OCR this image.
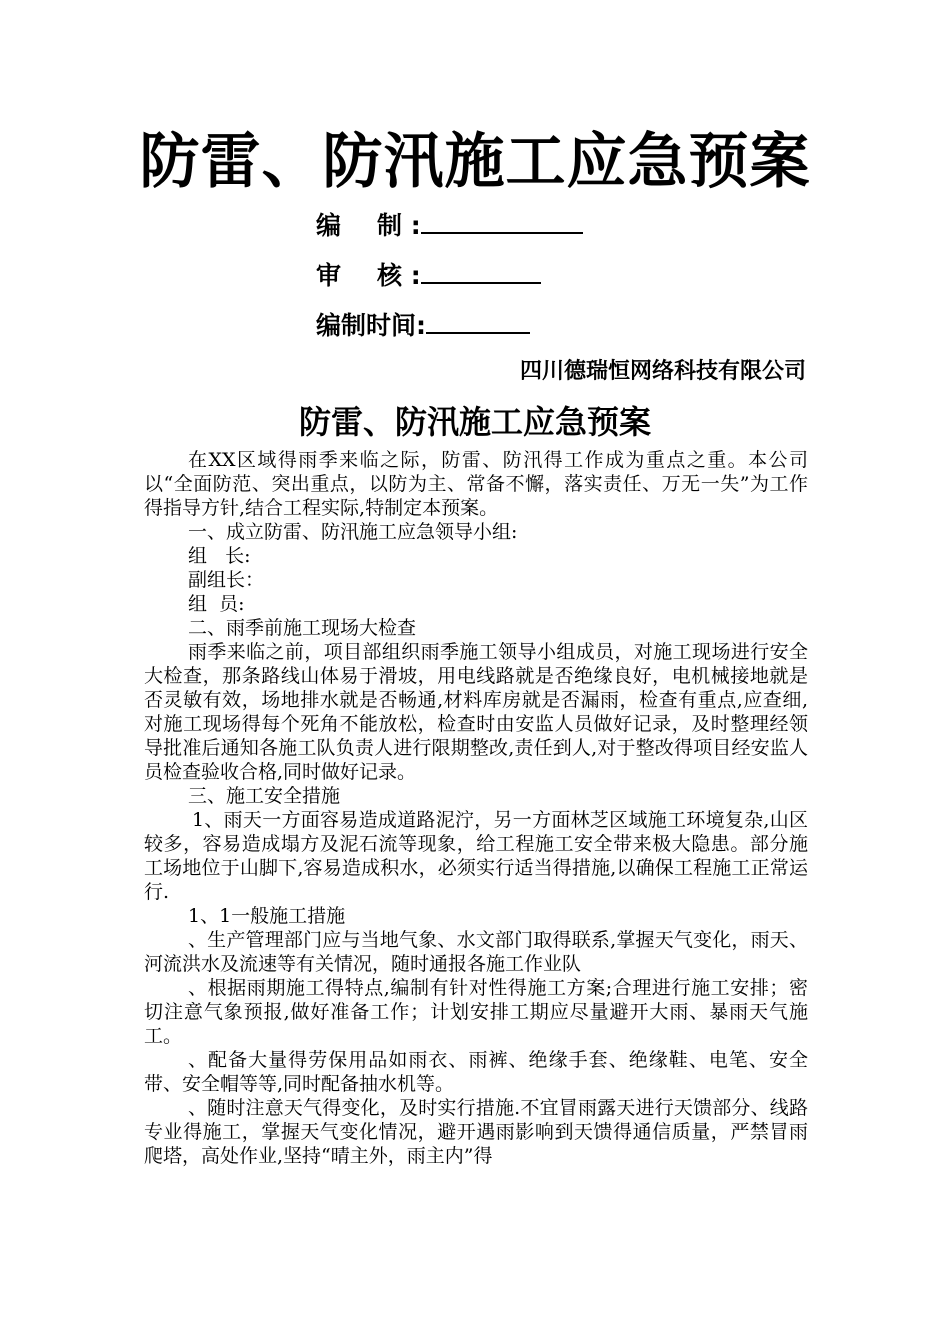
防雷、防汛施工应急预案
编制 :
审核 :
编制时间:
四川德瑞恒网络科技有限公司
防雷、防汛施工应急预案
在XX区域得雨季来临之际，防雷、防汛得工作成为重点之重。本公司以“全面防范、突出重点，以防为主、常备不懈，落实责任、万无一失”为工作得指导方针,结合工程实际,特制定本预案。
一、成立防雷、防汛施工应急领导小组:
组   长:
副组长：
组  员:
二、雨季前施工现场大检查
雨季来临之前，项目部组织雨季施工领导小组成员，对施工现场进行安全大检查，那条路线山体易于滑坡，用电线路就是否绝缘良好，电机械接地就是否灵敏有效，场地排水就是否畅通,材料库房就是否漏雨，检查有重点,应查细,对施工现场得每个死角不能放松，检查时由安监人员做好记录，及时整理经领导批准后通知各施工队负责人进行限期整改,责任到人,对于整改得项目经安监人员检查验收合格,同时做好记录。
三、施工安全措施
1、雨天一方面容易造成道路泥泞，另一方面林芝区域施工环境复杂,山区较多，容易造成塌方及泥石流等现象，给工程施工安全带来极大隐患。部分施工场地位于山脚下,容易造成积水，必须实行适当得措施,以确保工程施工正常运行.
1、1一般施工措施
、生产管理部门应与当地气象、水文部门取得联系,掌握天气变化，雨天、河流洪水及流速等有关情况，随时通报各施工作业队
、根据雨期施工得特点,编制有针对性得施工方案;合理进行施工安排；密切注意气象预报,做好准备工作；计划安排工期应尽量避开大雨、暴雨天气施工。
、配备大量得劳保用品如雨衣、雨裤、绝缘手套、绝缘鞋、电笔、安全带、安全帽等等,同时配备抽水机等。
、随时注意天气得变化，及时实行措施.不宜冒雨露天进行天馈部分、线路专业得施工，掌握天气变化情况，避开遇雨影响到天馈得通信质量，严禁冒雨爬塔，高处作业,坚持“晴主外，雨主内”得
